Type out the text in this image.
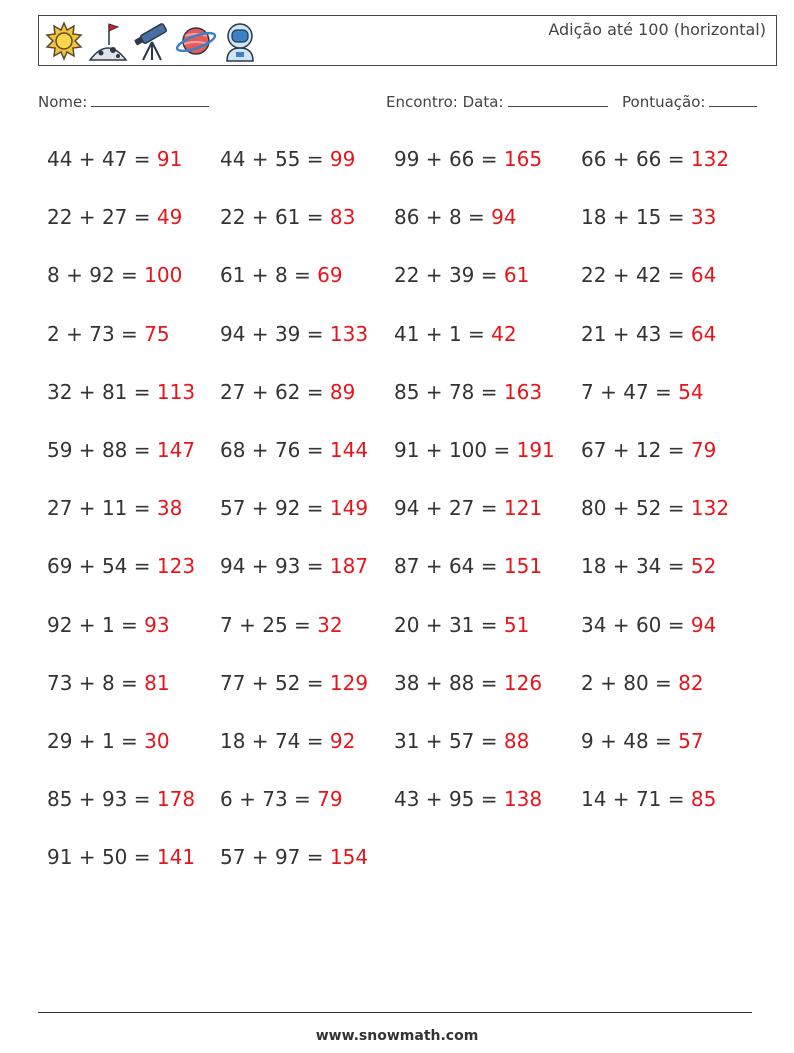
Adição até 100 (horizontal)
Nome:	Encontro: Data:	Pontuação:
44 + 47 = 91 44 + 55 = 99 99 + 66 = 165 66 + 66 = 132
22 + 27 = 49 22 + 61 = 83 86 + 8 = 94	18 + 15 = 33
8 + 92 = 100 61 + 8 = 69	22 + 39 = 61	22 + 42 = 64
2 + 73 = 75	94 + 39 = 133 41 + 1 = 42	21 + 43 = 64
32 + 81 = 113 27 + 62 = 89 85 + 78 = 163 7 + 47 = 54
59 + 88 = 147 68 + 76 = 144 91 + 100 = 191 67 + 12 = 79
27 + 11 = 38 57 + 92 = 149 94 + 27 = 121 80 + 52 = 132
69 + 54 = 123 94 + 93 = 187 87 + 64 = 151 18 + 34 = 52
92 + 1 = 93	7 + 25 = 32	20 + 31 = 51	34 + 60 = 94
73 + 8 = 81	77 + 52 = 129 38 + 88 = 126 2 + 80 = 82
29 + 1 = 30	18 + 74 = 92 31 + 57 = 88	9 + 48 = 57
85 + 93 = 178 6 + 73 = 79	43 + 95 = 138 14 + 71 = 85
91 + 50 = 141 57 + 97 = 154
www.snowmath.com
